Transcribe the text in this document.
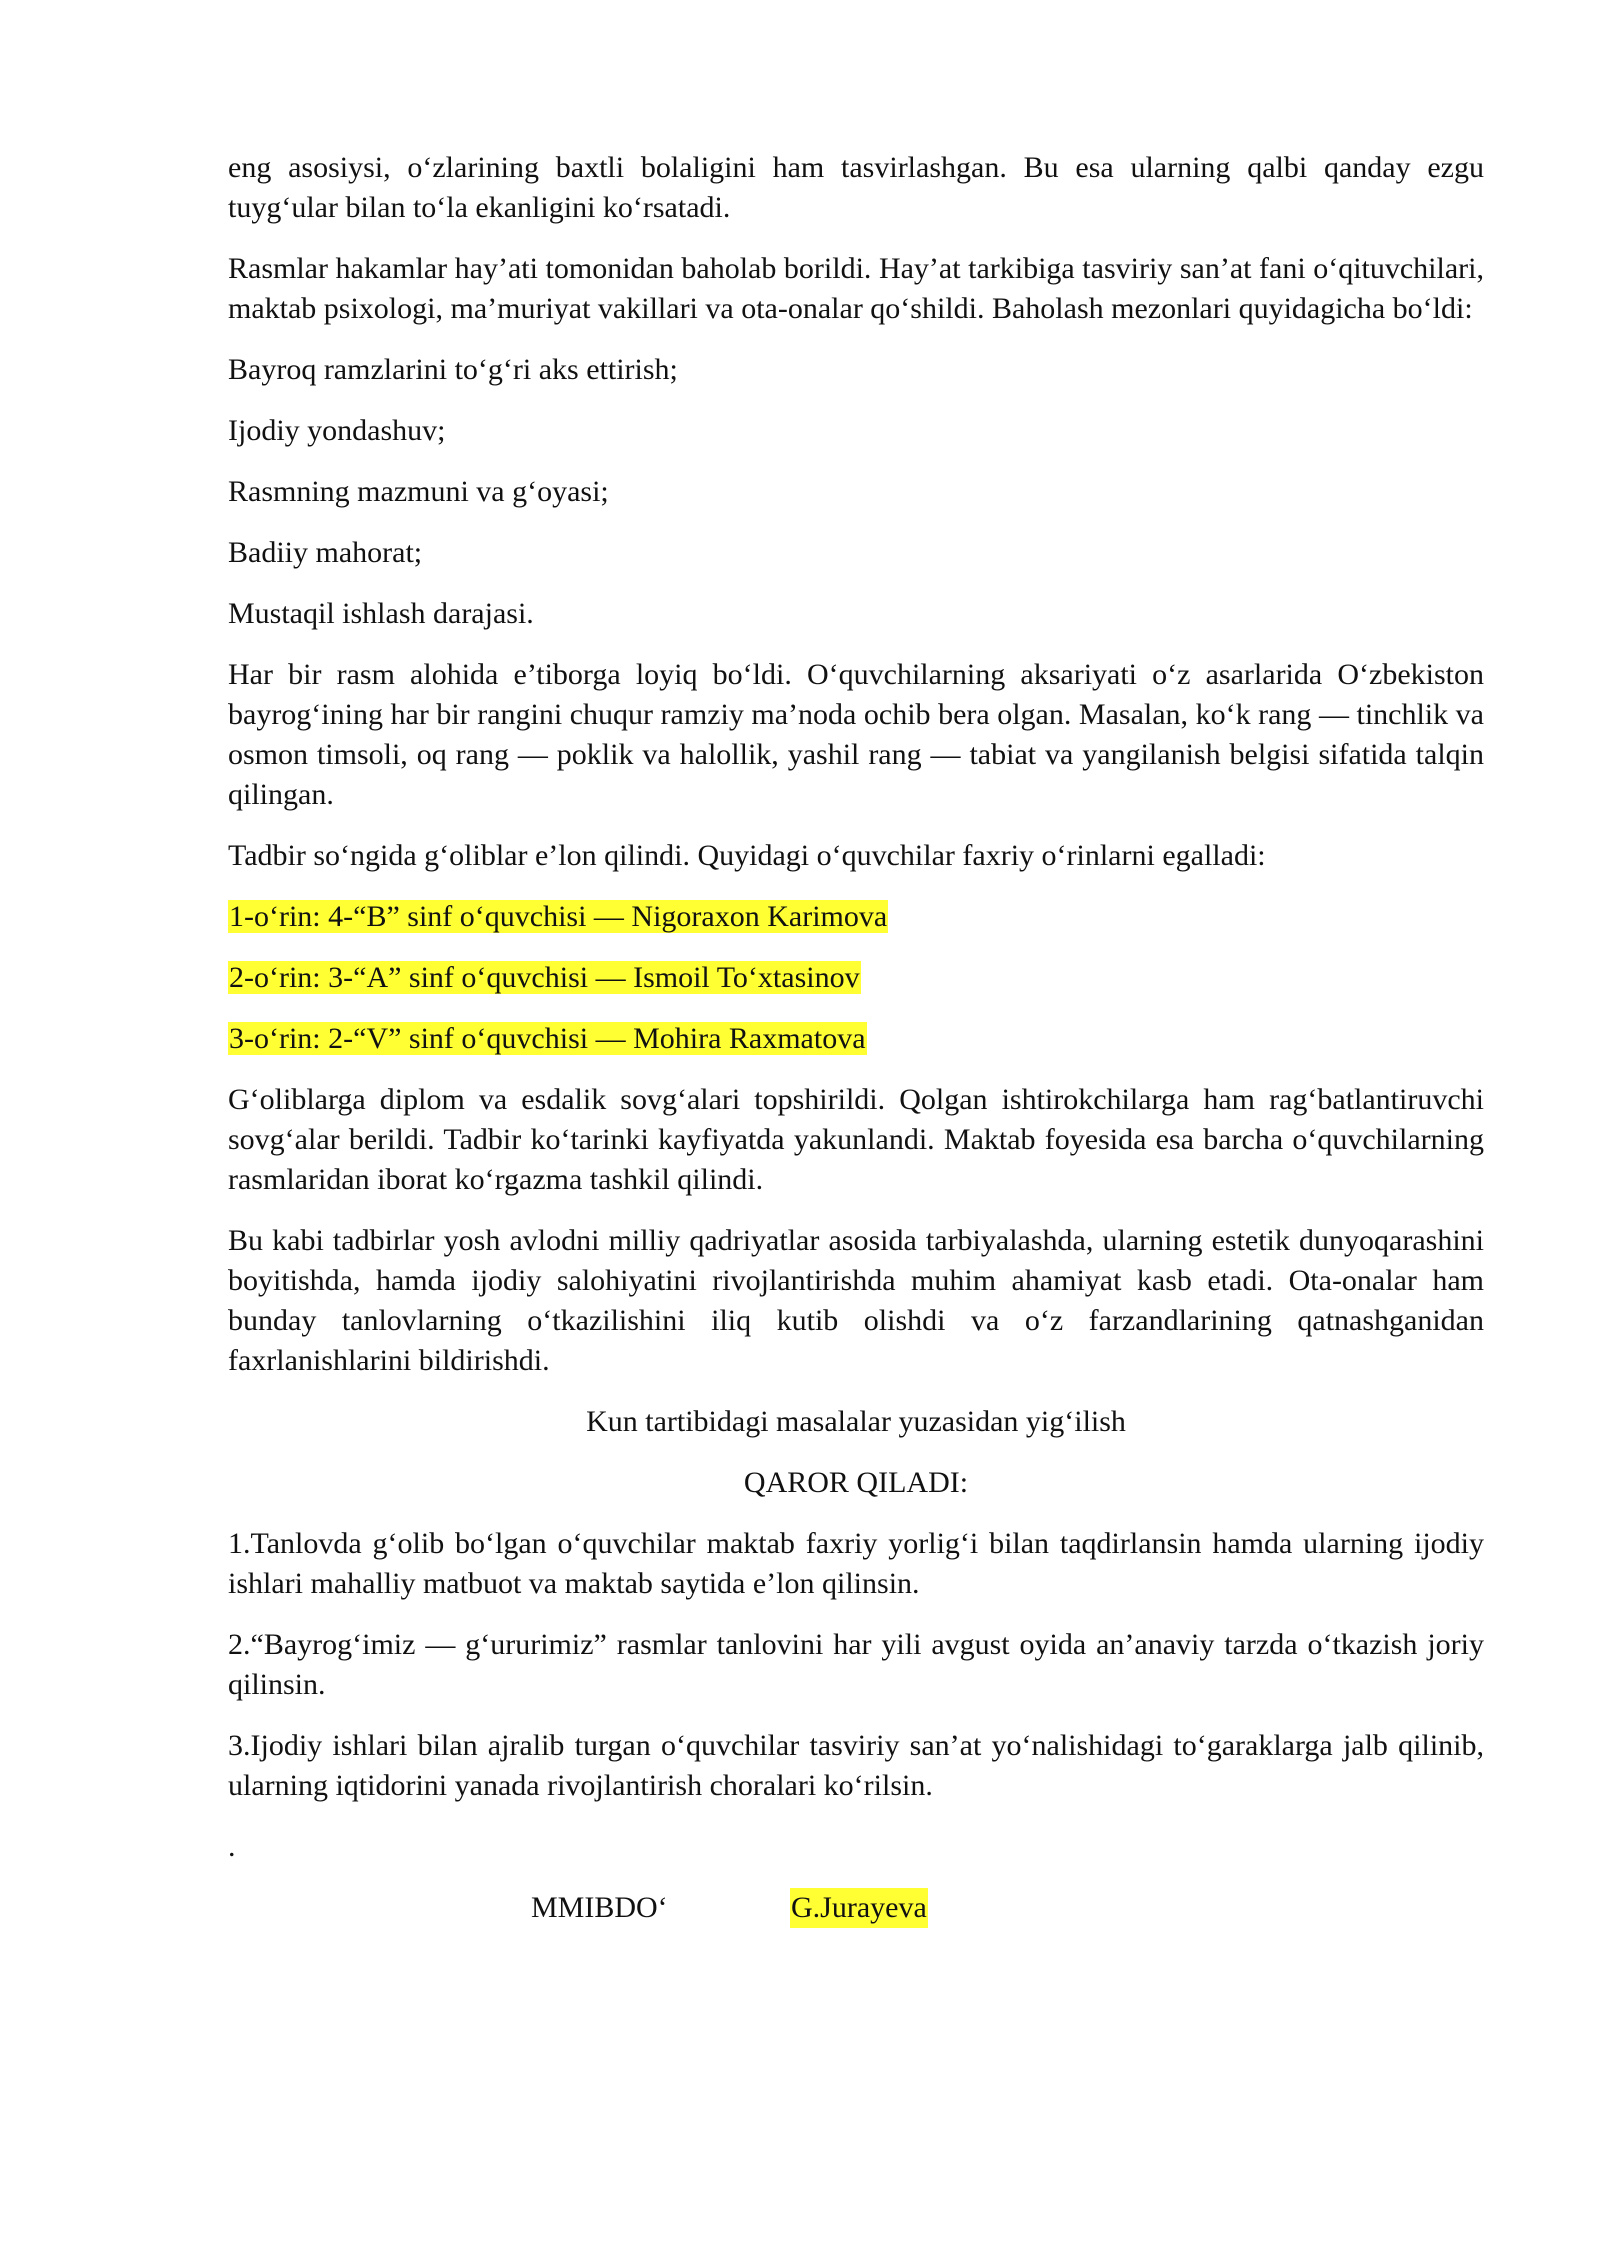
eng asosiysi, o‘zlarining baxtli bolaligini ham tasvirlashgan. Bu esa ularning qalbi qanday ezgu tuyg‘ular bilan to‘la ekanligini ko‘rsatadi.

Rasmlar hakamlar hay’ati tomonidan baholab borildi. Hay’at tarkibiga tasviriy san’at fani o‘qituvchilari, maktab psixologi, ma’muriyat vakillari va ota-onalar qo‘shildi. Baholash mezonlari quyidagicha bo‘ldi:

Bayroq ramzlarini to‘g‘ri aks ettirish;

Ijodiy yondashuv;

Rasmning mazmuni va g‘oyasi;

Badiiy mahorat;

Mustaqil ishlash darajasi.

Har bir rasm alohida e’tiborga loyiq bo‘ldi. O‘quvchilarning aksariyati o‘z asarlarida O‘zbekiston bayrog‘ining har bir rangini chuqur ramziy ma’noda ochib bera olgan. Masalan, ko‘k rang — tinchlik va osmon timsoli, oq rang — poklik va halollik, yashil rang — tabiat va yangilanish belgisi sifatida talqin qilingan.

Tadbir so‘ngida g‘oliblar e’lon qilindi. Quyidagi o‘quvchilar faxriy o‘rinlarni egalladi:

1-o‘rin: 4-“B” sinf o‘quvchisi — Nigoraxon Karimova

2-o‘rin: 3-“A” sinf o‘quvchisi — Ismoil To‘xtasinov

3-o‘rin: 2-“V” sinf o‘quvchisi — Mohira Raxmatova

G‘oliblarga diplom va esdalik sovg‘alari topshirildi. Qolgan ishtirokchilarga ham rag‘batlantiruvchi sovg‘alar berildi. Tadbir ko‘tarinki kayfiyatda yakunlandi. Maktab foyesida esa barcha o‘quvchilarning rasmlaridan iborat ko‘rgazma tashkil qilindi.

Bu kabi tadbirlar yosh avlodni milliy qadriyatlar asosida tarbiyalashda, ularning estetik dunyoqarashini boyitishda, hamda ijodiy salohiyatini rivojlantirishda muhim ahamiyat kasb etadi. Ota-onalar ham bunday tanlovlarning o‘tkazilishini iliq kutib olishdi va o‘z farzandlarining qatnashganidan faxrlanishlarini bildirishdi.

Kun tartibidagi masalalar yuzasidan yig‘ilish

QAROR QILADI:

1.Tanlovda g‘olib bo‘lgan o‘quvchilar maktab faxriy yorlig‘i bilan taqdirlansin hamda ularning ijodiy ishlari mahalliy matbuot va maktab saytida e’lon qilinsin.

2.“Bayrog‘imiz — g‘ururimiz” rasmlar tanlovini har yili avgust oyida an’anaviy tarzda o‘tkazish joriy qilinsin.

3.Ijodiy ishlari bilan ajralib turgan o‘quvchilar tasviriy san’at yo‘nalishidagi to‘garaklarga jalb qilinib, ularning iqtidorini yanada rivojlantirish choralari ko‘rilsin.

.

MMIBDO‘	G.Jurayeva
